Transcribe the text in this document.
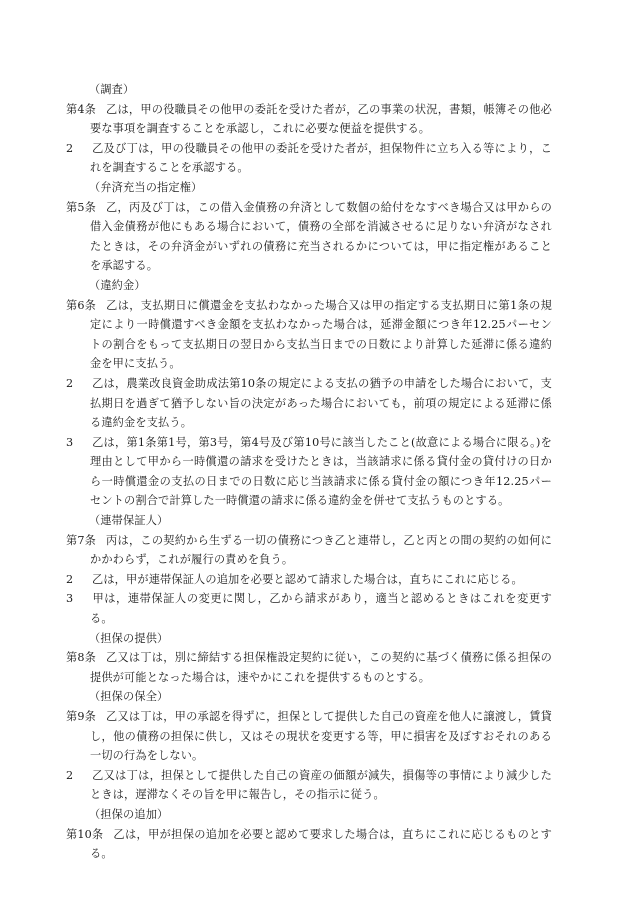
（調査）
第4条 乙は，甲の役職員その他甲の委託を受けた者が，乙の事業の状況，書類，帳簿その他必要な事項を調査することを承認し，これに必要な便益を提供する。
2 乙及び丁は，甲の役職員その他甲の委託を受けた者が，担保物件に立ち入る等により，これを調査することを承認する。
（弁済充当の指定権）
第5条 乙，丙及び丁は，この借入金債務の弁済として数個の給付をなすべき場合又は甲からの借入金債務が他にもある場合において，債務の全部を消滅させるに足りない弁済がなされたときは，その弁済金がいずれの債務に充当されるかについては，甲に指定権があることを承認する。
（違約金）
第6条 乙は，支払期日に償還金を支払わなかった場合又は甲の指定する支払期日に第1条の規定により一時償還すべき金額を支払わなかった場合は，延滞金額につき年12.25パーセントの割合をもって支払期日の翌日から支払当日までの日数により計算した延滞に係る違約金を甲に支払う。
2 乙は，農業改良資金助成法第10条の規定による支払の猶予の申請をした場合において，支払期日を過ぎて猶予しない旨の決定があった場合においても，前項の規定による延滞に係る違約金を支払う。
3 乙は，第1条第1号，第3号，第4号及び第10号に該当したこと(故意による場合に限る。)を理由として甲から一時償還の請求を受けたときは，当該請求に係る貸付金の貸付けの日から一時償還金の支払の日までの日数に応じ当該請求に係る貸付金の額につき年12.25パーセントの割合で計算した一時償還の請求に係る違約金を併せて支払うものとする。
（連帯保証人）
第7条 丙は，この契約から生ずる一切の債務につき乙と連帯し，乙と丙との間の契約の如何にかかわらず，これが履行の責めを負う。
2 乙は，甲が連帯保証人の追加を必要と認めて請求した場合は，直ちにこれに応じる。
3 甲は，連帯保証人の変更に関し，乙から請求があり，適当と認めるときはこれを変更する。
（担保の提供）
第8条 乙又は丁は，別に締結する担保権設定契約に従い，この契約に基づく債務に係る担保の提供が可能となった場合は，速やかにこれを提供するものとする。
（担保の保全）
第9条 乙又は丁は，甲の承認を得ずに，担保として提供した自己の資産を他人に譲渡し，賃貸し，他の債務の担保に供し，又はその現状を変更する等，甲に損害を及ぼすおそれのある一切の行為をしない。
2 乙又は丁は，担保として提供した自己の資産の価額が減失，損傷等の事情により減少したときは，遅滞なくその旨を甲に報告し，その指示に従う。
（担保の追加）
第10条 乙は，甲が担保の追加を必要と認めて要求した場合は，直ちにこれに応じるものとする。
